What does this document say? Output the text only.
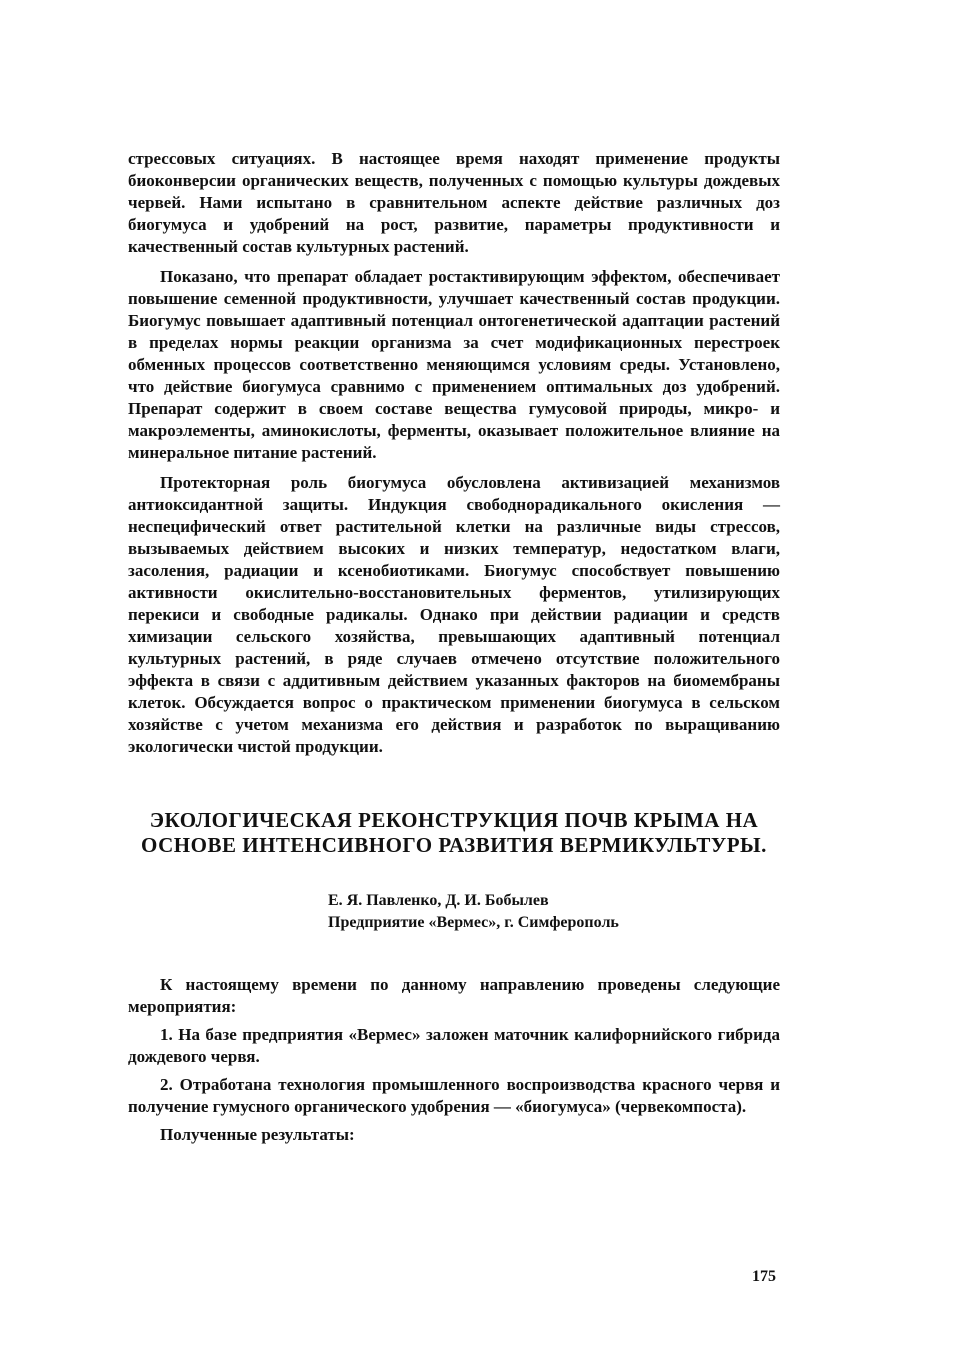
стрессовых ситуациях. В настоящее время находят применение продукты биоконверсии органических веществ, полученных с помощью культуры дождевых червей. Нами испытано в сравнительном аспекте действие различных доз биогумуса и удобрений на рост, развитие, параметры продуктивности и качественный состав культурных растений.

Показано, что препарат обладает ростактивирующим эффектом, обеспечивает повышение семенной продуктивности, улучшает качественный состав продукции. Биогумус повышает адаптивный потенциал онтогенетической адаптации растений в пределах нормы реакции организма за счет модификационных перестроек обменных процессов соответственно меняющимся условиям среды. Установлено, что действие биогумуса сравнимо с применением оптимальных доз удобрений. Препарат содержит в своем составе вещества гумусовой природы, микро- и макроэлементы, аминокислоты, ферменты, оказывает положительное влияние на минеральное питание растений.

Протекторная роль биогумуса обусловлена активизацией механизмов антиоксидантной защиты. Индукция свободнорадикального окисления — неспецифический ответ растительной клетки на различные виды стрессов, вызываемых действием высоких и низких температур, недостатком влаги, засоления, радиации и ксенобиотиками. Биогумус способствует повышению активности окислительно-восстановительных ферментов, утилизирующих перекиси и свободные радикалы. Однако при действии радиации и средств химизации сельского хозяйства, превышающих адаптивный потенциал культурных растений, в ряде случаев отмечено отсутствие положительного эффекта в связи с аддитивным действием указанных факторов на биомембраны клеток. Обсуждается вопрос о практическом применении биогумуса в сельском хозяйстве с учетом механизма его действия и разработок по выращиванию экологически чистой продукции.

ЭКОЛОГИЧЕСКАЯ РЕКОНСТРУКЦИЯ ПОЧВ КРЫМА НА
ОСНОВЕ ИНТЕНСИВНОГО РАЗВИТИЯ ВЕРМИКУЛЬТУРЫ.
Е. Я. Павленко, Д. И. Бобылев
Предприятие «Вермес», г. Симферополь

К настоящему времени по данному направлению проведены следующие мероприятия:

1. На базе предприятия «Вермес» заложен маточник калифорнийского гибрида дождевого червя.

2. Отработана технология промышленного воспроизводства красного червя и получение гумусного органического удобрения — «биогумуса» (червекомпоста).

Полученные результаты:

175
